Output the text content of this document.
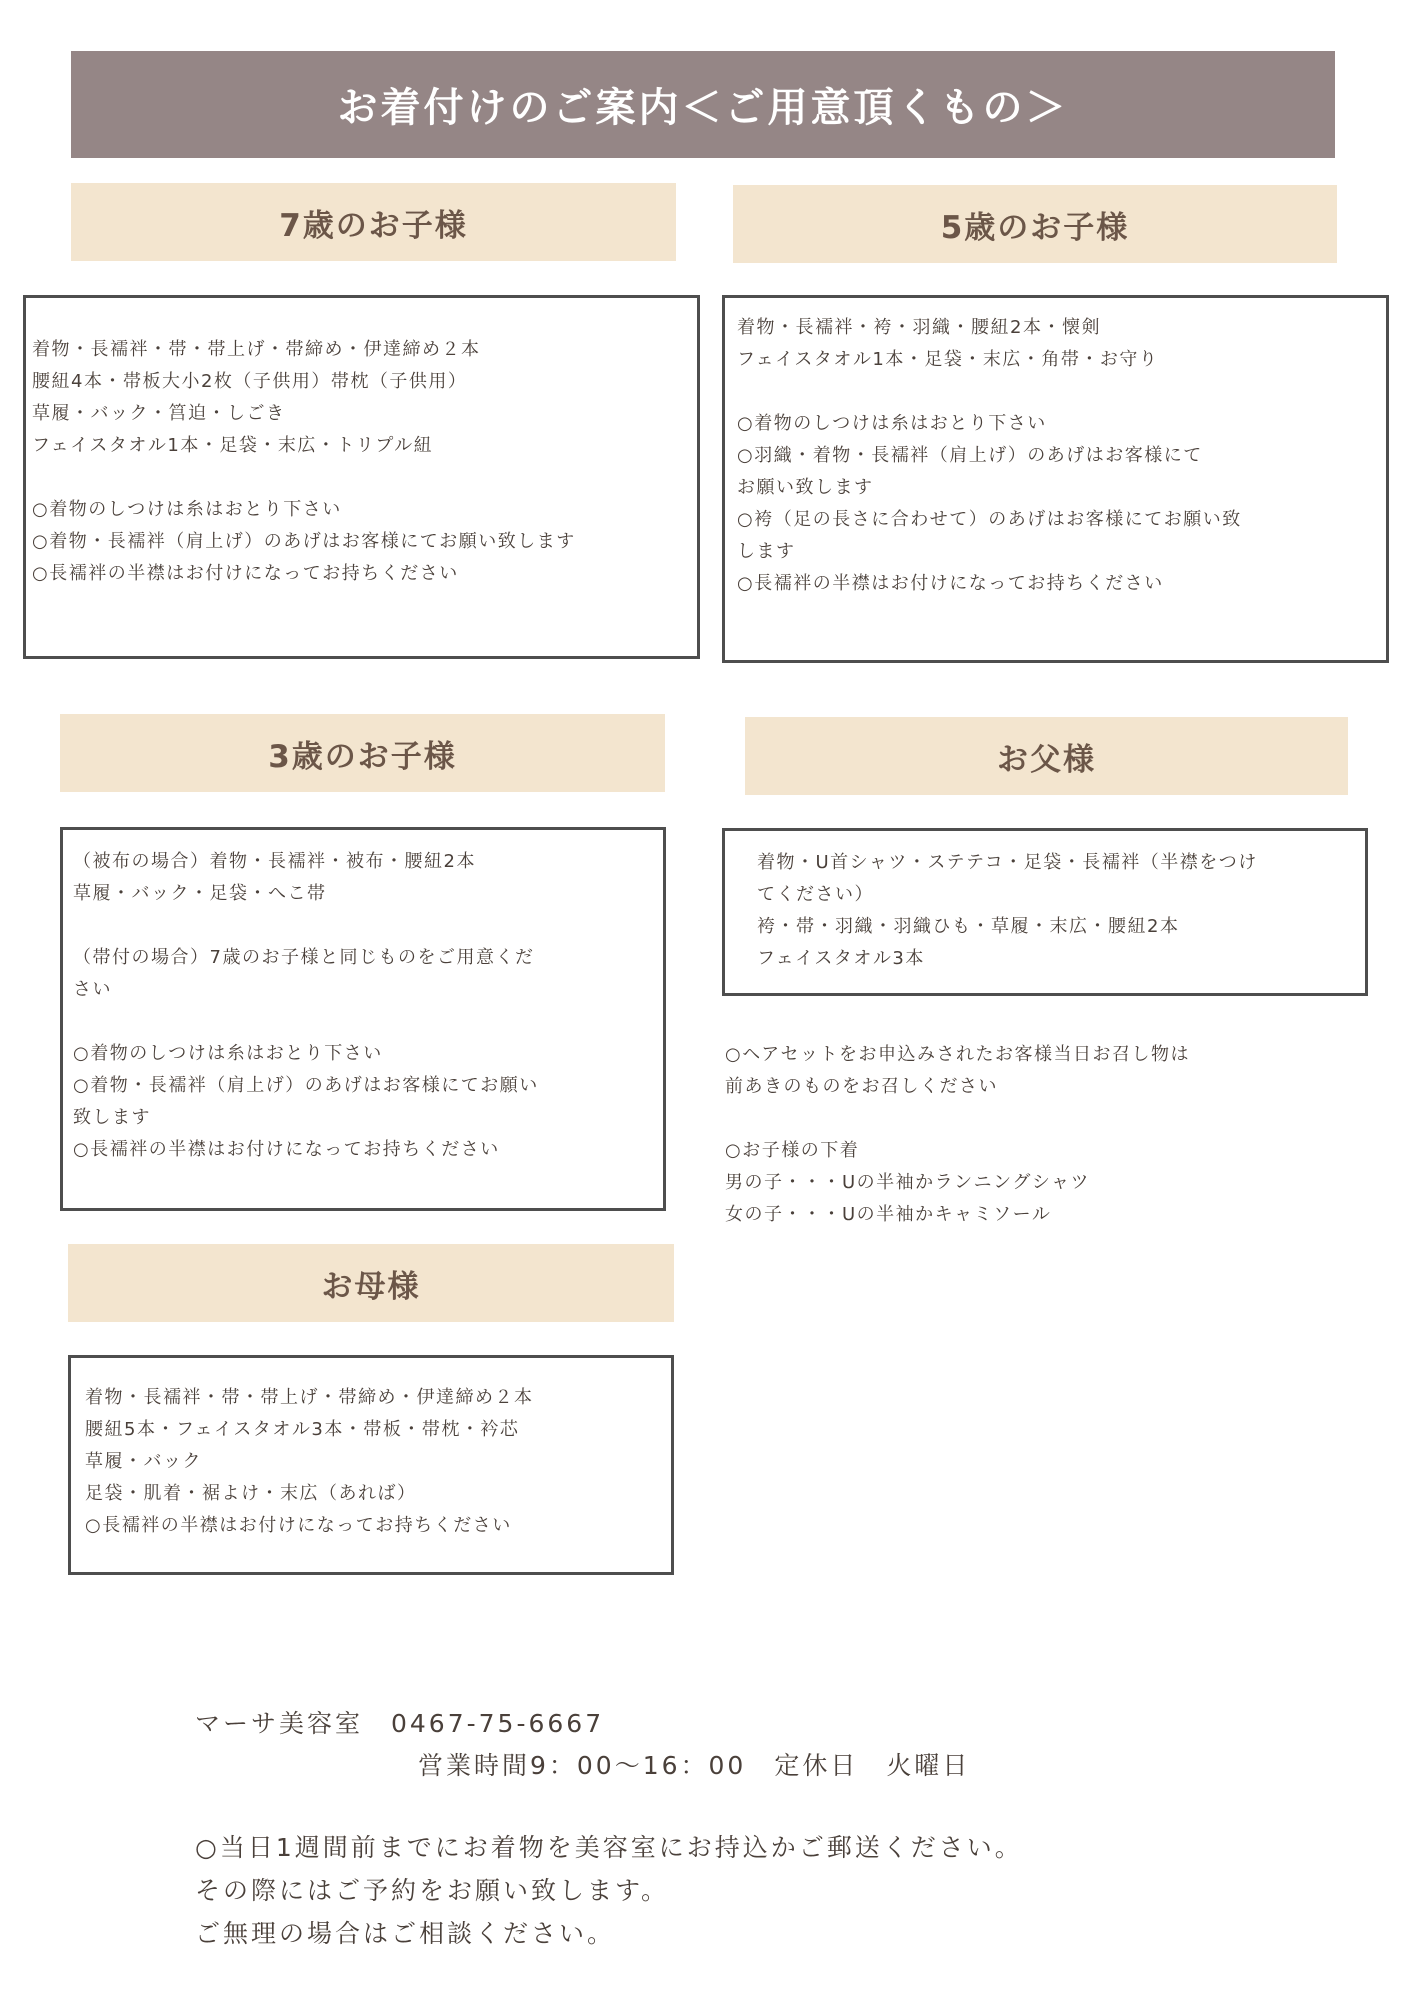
お着付けのご案内＜ご用意頂くもの＞
7歳のお子様

着物・長襦袢・帯・帯上げ・帯締め・伊達締め２本

腰紐4本・帯板大小2枚（子供用）帯枕（子供用）

草履・バック・筥迫・しごき

フェイスタオル1本・足袋・末広・トリプル紐

○着物のしつけは糸はおとり下さい

○着物・長襦袢（肩上げ）のあげはお客様にてお願い致します

○長襦袢の半襟はお付けになってお持ちください

5歳のお子様

着物・長襦袢・袴・羽織・腰紐2本・懐剣

フェイスタオル1本・足袋・末広・角帯・お守り

○着物のしつけは糸はおとり下さい

○羽織・着物・長襦袢（肩上げ）のあげはお客様にて

お願い致します

○袴（足の長さに合わせて）のあげはお客様にてお願い致

します

○長襦袢の半襟はお付けになってお持ちください

3歳のお子様

（被布の場合）着物・長襦袢・被布・腰紐2本

草履・バック・足袋・へこ帯

（帯付の場合）7歳のお子様と同じものをご用意くだ

さい

○着物のしつけは糸はおとり下さい

○着物・長襦袢（肩上げ）のあげはお客様にてお願い

致します

○長襦袢の半襟はお付けになってお持ちください

お父様

着物・U首シャツ・ステテコ・足袋・長襦袢（半襟をつけ

てください）

袴・帯・羽織・羽織ひも・草履・末広・腰紐2本

フェイスタオル3本

○ヘアセットをお申込みされたお客様当日お召し物は

前あきのものをお召しください

○お子様の下着

男の子・・・Uの半袖かランニングシャツ

女の子・・・Uの半袖かキャミソール

お母様

着物・長襦袢・帯・帯上げ・帯締め・伊達締め２本

腰紐5本・フェイスタオル3本・帯板・帯枕・衿芯

草履・バック

足袋・肌着・裾よけ・末広（あれば）

○長襦袢の半襟はお付けになってお持ちください

マーサ美容室　0467-75-6667
営業時間9：00～16：00　定休日　火曜日
○当日1週間前までにお着物を美容室にお持込かご郵送ください。
その際にはご予約をお願い致します。
ご無理の場合はご相談ください。
